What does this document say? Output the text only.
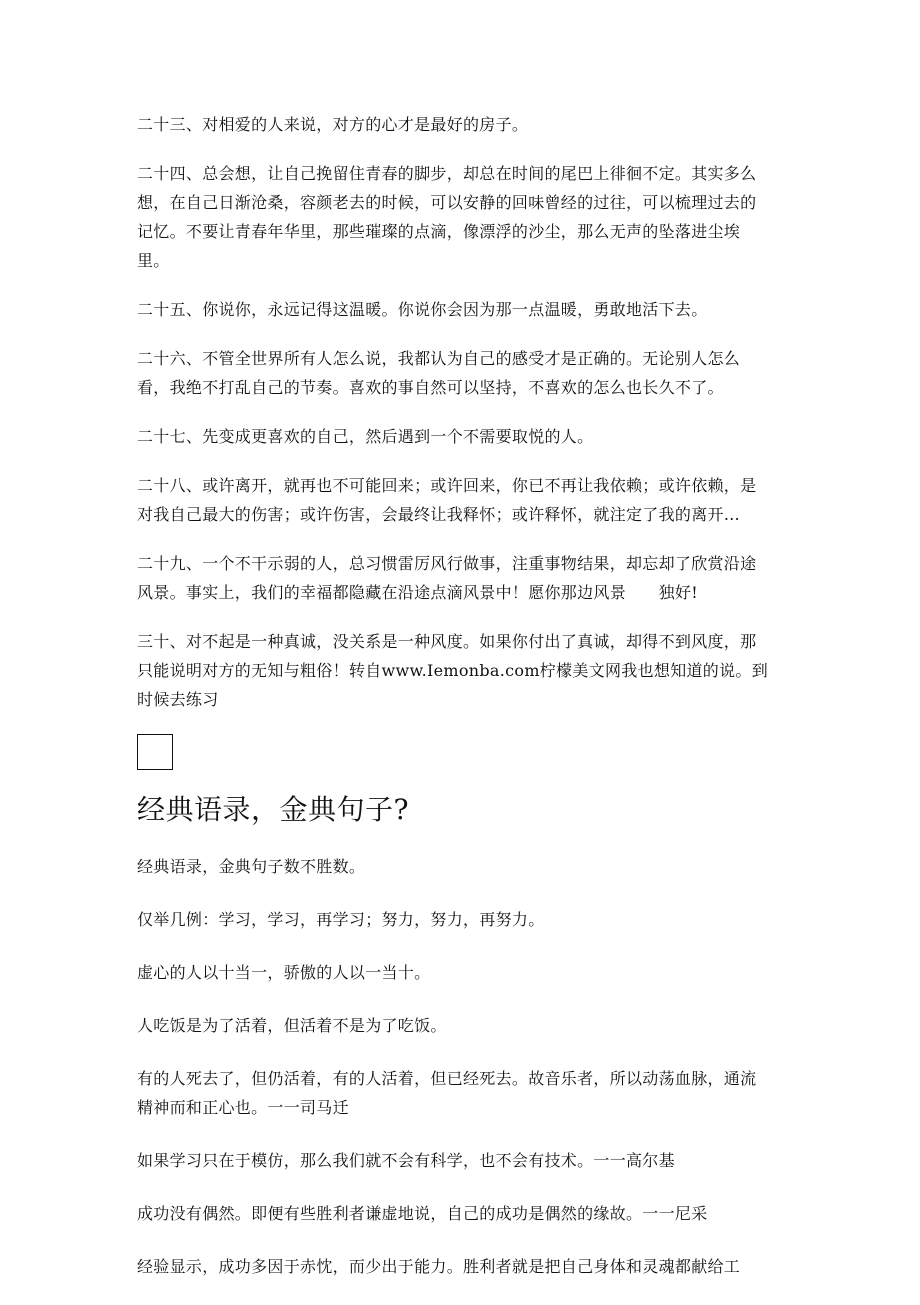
二十三、对相爱的人来说，对方的心才是最好的房子。

二十四、总会想，让自己挽留住青春的脚步，却总在时间的尾巴上徘徊不定。其实多么想，在自己日渐沧桑，容颜老去的时候，可以安静的回味曾经的过往，可以梳理过去的记忆。不要让青春年华里，那些璀璨的点滴，像漂浮的沙尘，那么无声的坠落进尘埃里。

二十五、你说你，永远记得这温暖。你说你会因为那一点温暖，勇敢地活下去。

二十六、不管全世界所有人怎么说，我都认为自己的感受才是正确的。无论别人怎么看，我绝不打乱自己的节奏。喜欢的事自然可以坚持，不喜欢的怎么也长久不了。

二十七、先变成更喜欢的自己，然后遇到一个不需要取悦的人。

二十八、或许离开，就再也不可能回来；或许回来，你已不再让我依赖；或许依赖，是对我自己最大的伤害；或许伤害，会最终让我释怀；或许释怀，就注定了我的离开…

二十九、一个不干示弱的人，总习惯雷厉风行做事，注重事物结果，却忘却了欣赏沿途风景。事实上，我们的幸福都隐藏在沿途点滴风景中！愿你那边风景　　独好!

三十、对不起是一种真诚，没关系是一种风度。如果你付出了真诚，却得不到风度，那只能说明对方的无知与粗俗！转自www.Iemonba.com柠檬美文网我也想知道的说。到时候去练习

经典语录，金典句子?

经典语录，金典句子数不胜数。

仅举几例：学习，学习，再学习；努力，努力，再努力。

虚心的人以十当一，骄傲的人以一当十。

人吃饭是为了活着，但活着不是为了吃饭。

有的人死去了，但仍活着，有的人活着，但已经死去。故音乐者，所以动荡血脉，通流精神而和正心也。一一司马迁

如果学习只在于模仿，那么我们就不会有科学，也不会有技术。一一高尔基

成功没有偶然。即便有些胜利者谦虚地说，自己的成功是偶然的缘故。一一尼采

经验显示，成功多因于赤忱，而少出于能力。胜利者就是把自己身体和灵魂都献给工
